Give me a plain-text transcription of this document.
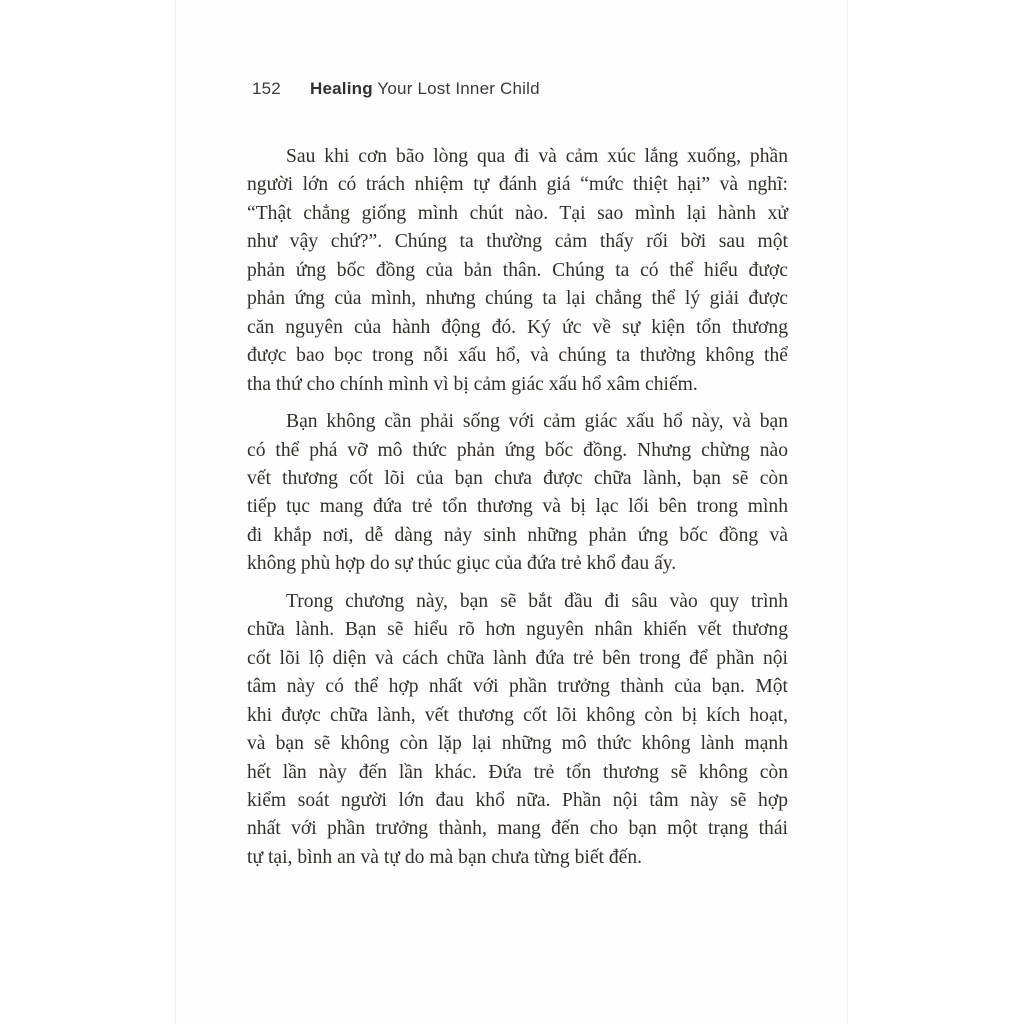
152 Healing Your Lost Inner Child
Sau khi cơn bão lòng qua đi và cảm xúc lắng xuống, phần
người lớn có trách nhiệm tự đánh giá “mức thiệt hại” và nghĩ:
“Thật chẳng giống mình chút nào. Tại sao mình lại hành xử
như vậy chứ?”. Chúng ta thường cảm thấy rối bời sau một
phản ứng bốc đồng của bản thân. Chúng ta có thể hiểu được
phản ứng của mình, nhưng chúng ta lại chẳng thể lý giải được
căn nguyên của hành động đó. Ký ức về sự kiện tổn thương
được bao bọc trong nỗi xấu hổ, và chúng ta thường không thể
tha thứ cho chính mình vì bị cảm giác xấu hổ xâm chiếm.
Bạn không cần phải sống với cảm giác xấu hổ này, và bạn
có thể phá vỡ mô thức phản ứng bốc đồng. Nhưng chừng nào
vết thương cốt lõi của bạn chưa được chữa lành, bạn sẽ còn
tiếp tục mang đứa trẻ tổn thương và bị lạc lối bên trong mình
đi khắp nơi, dễ dàng nảy sinh những phản ứng bốc đồng và
không phù hợp do sự thúc giục của đứa trẻ khổ đau ấy.
Trong chương này, bạn sẽ bắt đầu đi sâu vào quy trình
chữa lành. Bạn sẽ hiểu rõ hơn nguyên nhân khiến vết thương
cốt lõi lộ diện và cách chữa lành đứa trẻ bên trong để phần nội
tâm này có thể hợp nhất với phần trưởng thành của bạn. Một
khi được chữa lành, vết thương cốt lõi không còn bị kích hoạt,
và bạn sẽ không còn lặp lại những mô thức không lành mạnh
hết lần này đến lần khác. Đứa trẻ tổn thương sẽ không còn
kiểm soát người lớn đau khổ nữa. Phần nội tâm này sẽ hợp
nhất với phần trưởng thành, mang đến cho bạn một trạng thái
tự tại, bình an và tự do mà bạn chưa từng biết đến.
